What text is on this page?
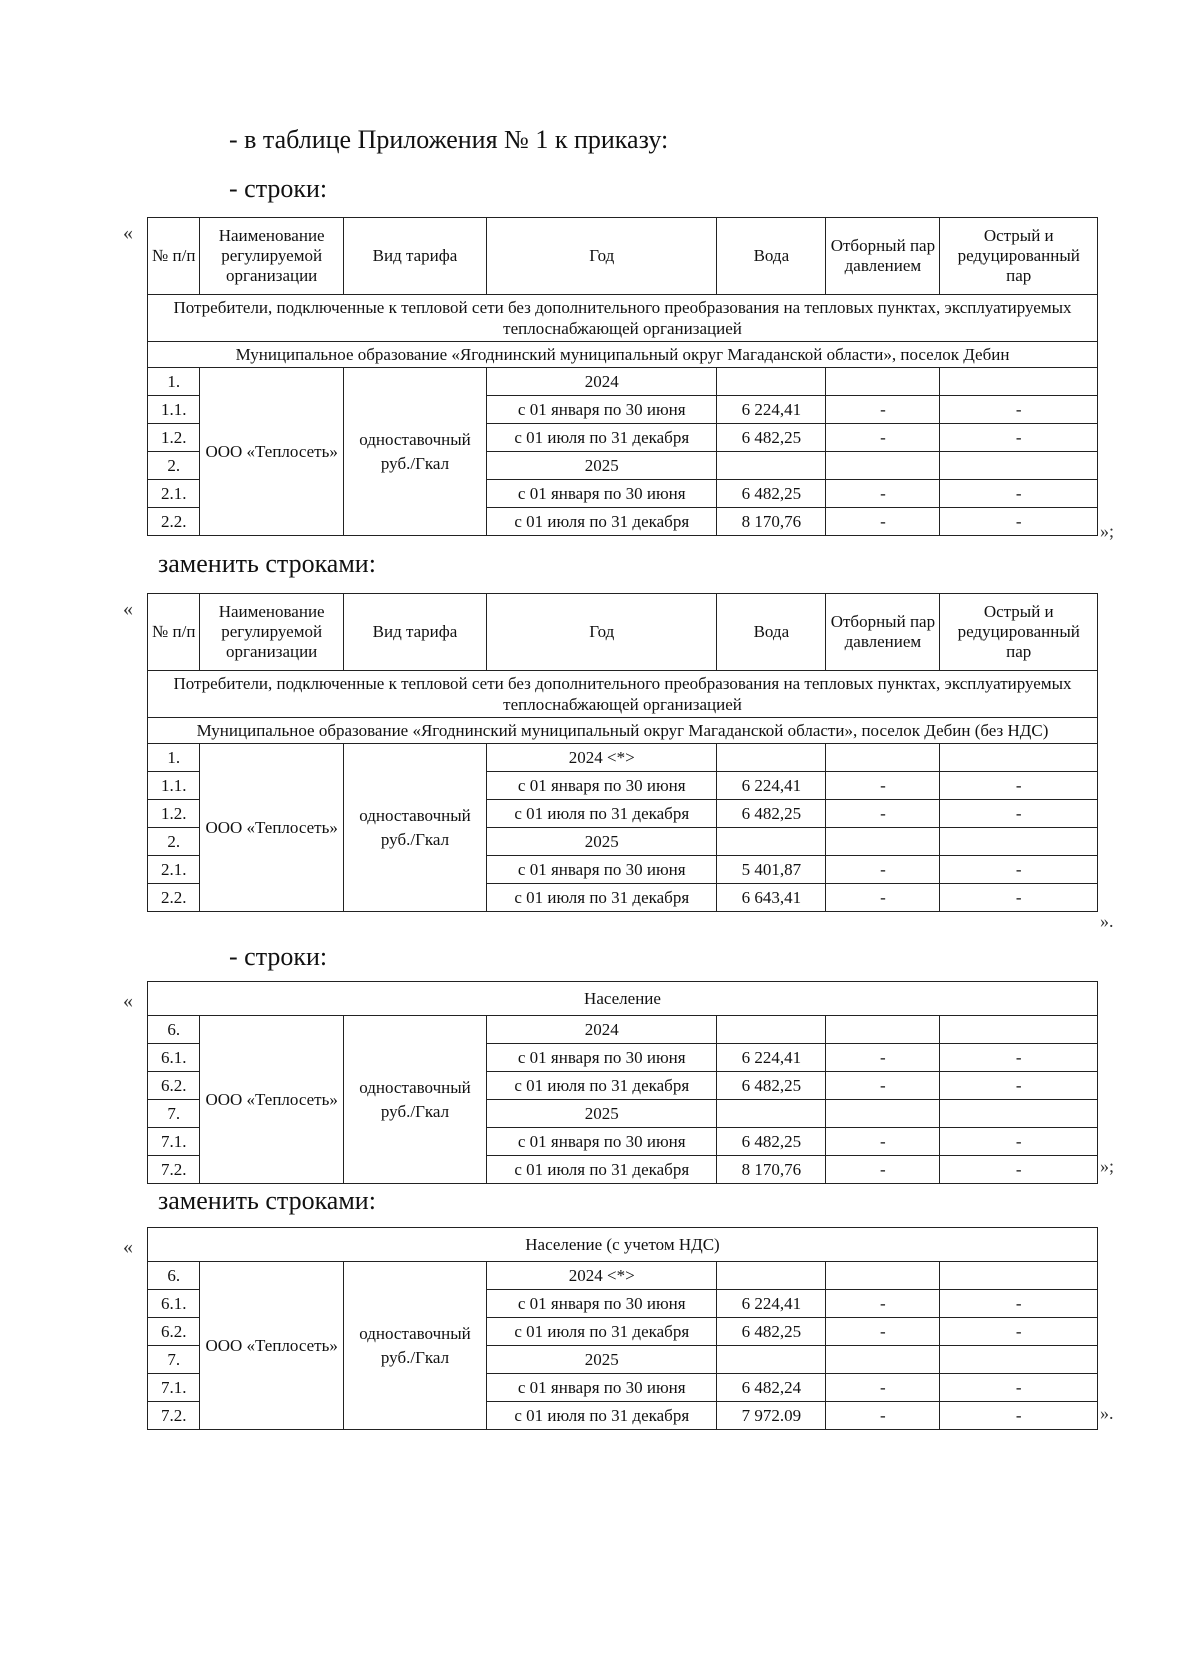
- в таблице Приложения № 1 к приказу:

- строки:

«
№ п/п	Наименование регулируемой организации	Вид тарифа	Год	Вода	Отборный пар давлением	Острый и редуцированный пар
Потребители, подключенные к тепловой сети без дополнительного преобразования на тепловых пунктах, эксплуатируемых теплоснабжающей организацией						
Муниципальное образование «Ягоднинский муниципальный округ Магаданской области», поселок Дебин						
1.	ООО «Теплосеть»	одноставочный руб./Гкал	2024			
1.1.			с 01 января по 30 июня	6 224,41	-	-
1.2.			с 01 июля по 31 декабря	6 482,25	-	-
2.			2025			
2.1.			с 01 января по 30 июня	6 482,25	-	-
2.2.			с 01 июля по 31 декабря	8 170,76	-	-	»;

заменить строками:

«
№ п/п	Наименование регулируемой организации	Вид тарифа	Год	Вода	Отборный пар давлением	Острый и редуцированный пар
Потребители, подключенные к тепловой сети без дополнительного преобразования на тепловых пунктах, эксплуатируемых теплоснабжающей организацией						
Муниципальное образование «Ягоднинский муниципальный округ Магаданской области», поселок Дебин (без НДС)						
1.	ООО «Теплосеть»	одноставочный руб./Гкал	2024 <*>			
1.1.			с 01 января по 30 июня	6 224,41	-	-
1.2.			с 01 июля по 31 декабря	6 482,25	-	-
2.			2025			
2.1.			с 01 января по 30 июня	5 401,87	-	-
2.2.			с 01 июля по 31 декабря	6 643,41	-	-
».

- строки:

«	Население						
6.	ООО «Теплосеть»	одноставочный руб./Гкал	2024			
6.1.			с 01 января по 30 июня	6 224,41	-	-
6.2.			с 01 июля по 31 декабря	6 482,25	-	-
7.			2025			
7.1.			с 01 января по 30 июня	6 482,25	-	-
7.2.			с 01 июля по 31 декабря	8 170,76	-	-	»;

заменить строками:

«	Население (с учетом НДС)						
6.	ООО «Теплосеть»	одноставочный руб./Гкал	2024 <*>			
6.1.			с 01 января по 30 июня	6 224,41	-	-
6.2.			с 01 июля по 31 декабря	6 482,25	-	-
7.			2025			
7.1.			с 01 января по 30 июня	6 482,24	-	-
7.2.			с 01 июля по 31 декабря	7 972.09	-	-	».
